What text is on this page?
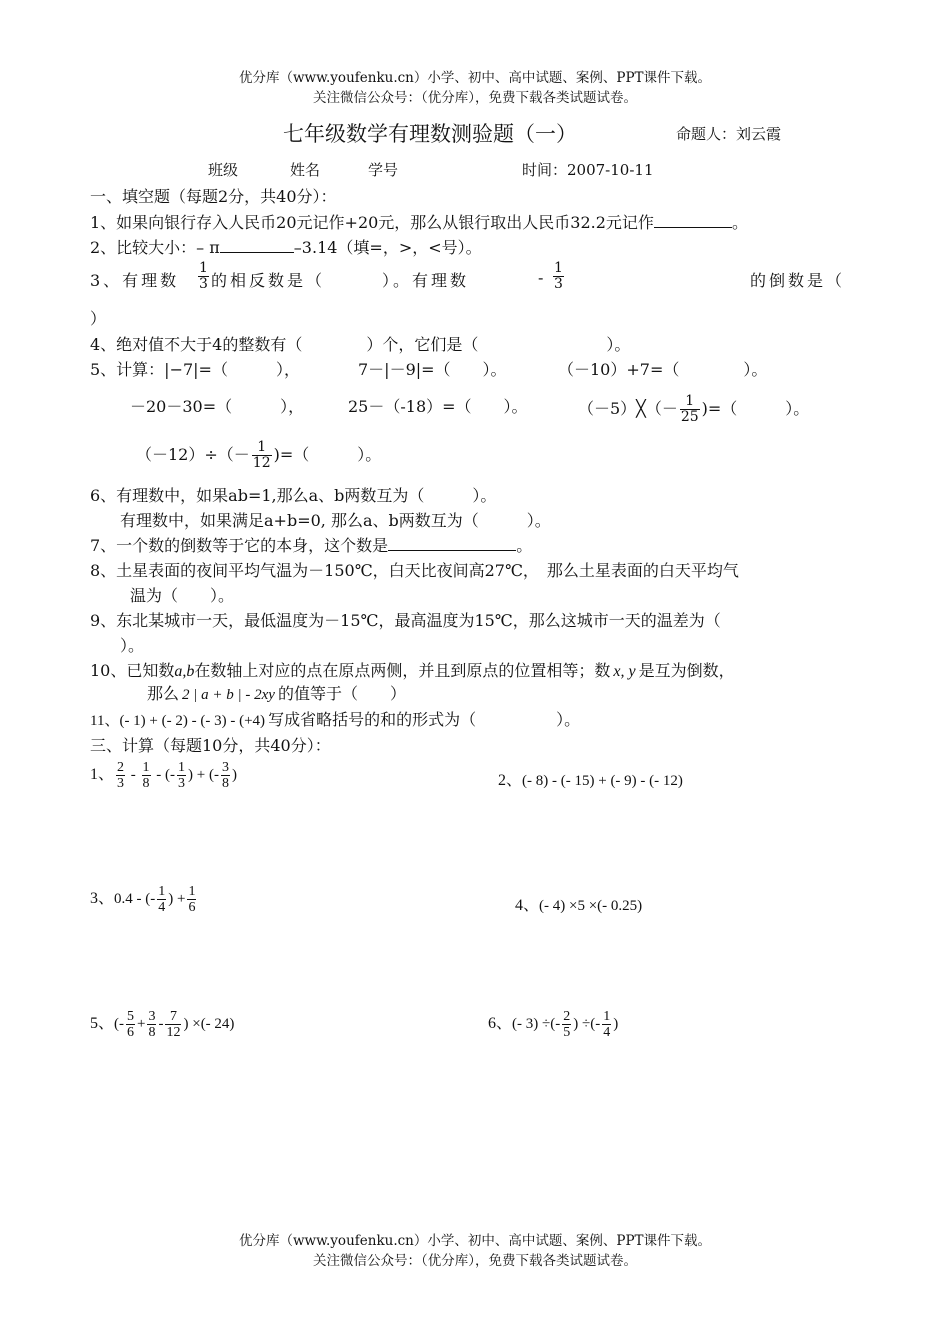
优分库（www.youfenku.cn）小学、初中、高中试题、案例、PPT课件下载。
关注微信公众号：（优分库），免费下载各类试题试卷。
七年级数学有理数测验题（一）	命题人：刘云霞
班级	姓名	学号	时间：2007-10-11
一、填空题（每题2分，共40分）：
1、如果向银行存入人民币20元记作+20元，那么从银行取出人民币32.2元记作	。
2、比较大小：– π	–3.14（填=，>，<号）。
3、有理数 $\frac{1}{3}$ 的相反数是（　　　）。有理数	- $\frac{1}{3}$	的倒数是（
）
4、绝对值不大于4的整数有（　　　　）个，它们是（　　　　　　　　）。
5、计算：|−7|=（　　　），	7－|－9|=（　　）。	（－10）+7=（　　　　）。
－20－30=（　　　），	25－（-18）=（　　）。	（－5）╳（－ $\frac{1}{25}$ )=（　　　）。
$(-12)\div(- \frac{1}{12}$ )=（　　　）。
6、有理数中，如果ab=1,那么a、b两数互为（　　　）。
有理数中，如果满足a+b=0, 那么a、b两数互为（　　　）。
7、一个数的倒数等于它的本身，这个数是	。
8、土星表面的夜间平均气温为－150℃，白天比夜间高27℃，　那么土星表面的白天平均气
温为（　　）。
9、东北某城市一天，最低温度为－15℃，最高温度为15℃，那么这城市一天的温差为（
）。
10、已知数a,b在数轴上对应的点在原点两侧，并且到原点的位置相等；数 x, y 是互为倒数，
那么 2 | a + b | - 2xy 的值等于（　　）
11、(- 1) + (- 2) - (- 3) - (+4) 写成省略括号的和的形式为（　　　　　）。
三、计算（每题10分，共40分）：
1、 $\frac{2}{3} - \frac{1}{8}$ - (- $\frac{1}{3}$ ) + (- $\frac{3}{8}$ )	2、(- 8) - (- 15) + (- 9) - (- 12)
3、0.4 - (- $\frac{1}{4}$ ) + $\frac{1}{6}$	4、(- 4) ×5 ×(- 0.25)
5、(- $\frac{5}{6} + \frac{3}{8} - \frac{7}{12}$ ) ×(- 24)	6、(- 3) ÷(- $\frac{2}{5}$ ) ÷(- $\frac{1}{4}$ )
优分库（www.youfenku.cn）小学、初中、高中试题、案例、PPT课件下载。
关注微信公众号：（优分库），免费下载各类试题试卷。
